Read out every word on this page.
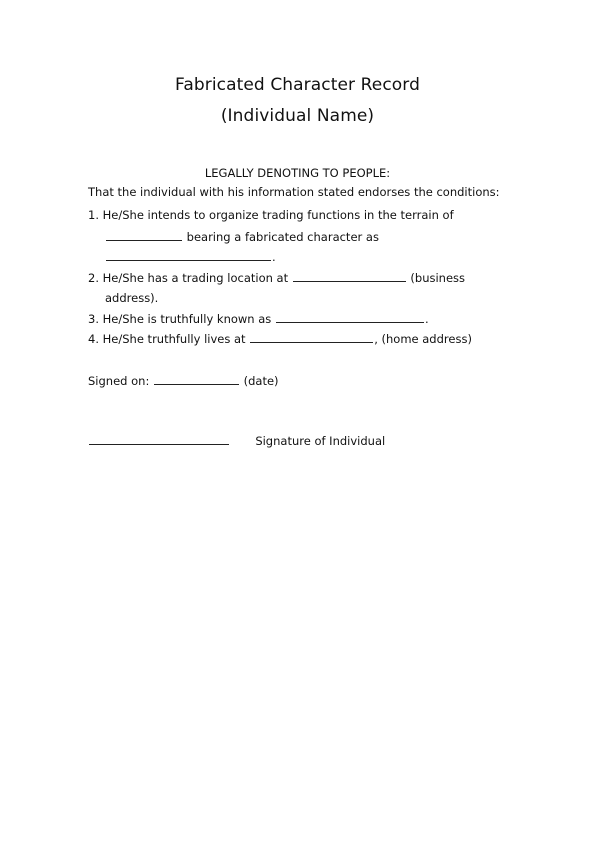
Fabricated Character Record
(Individual Name)
LEGALLY DENOTING TO PEOPLE:
That the individual with his information stated endorses the conditions:
1. He/She intends to organize trading functions in the terrain of
bearing a fabricated character as
.
2. He/She has a trading location at	(business
address).
3. He/She is truthfully known as	.
4. He/She truthfully lives at	, (home address)
Signed on:	(date)
Signature of Individual
